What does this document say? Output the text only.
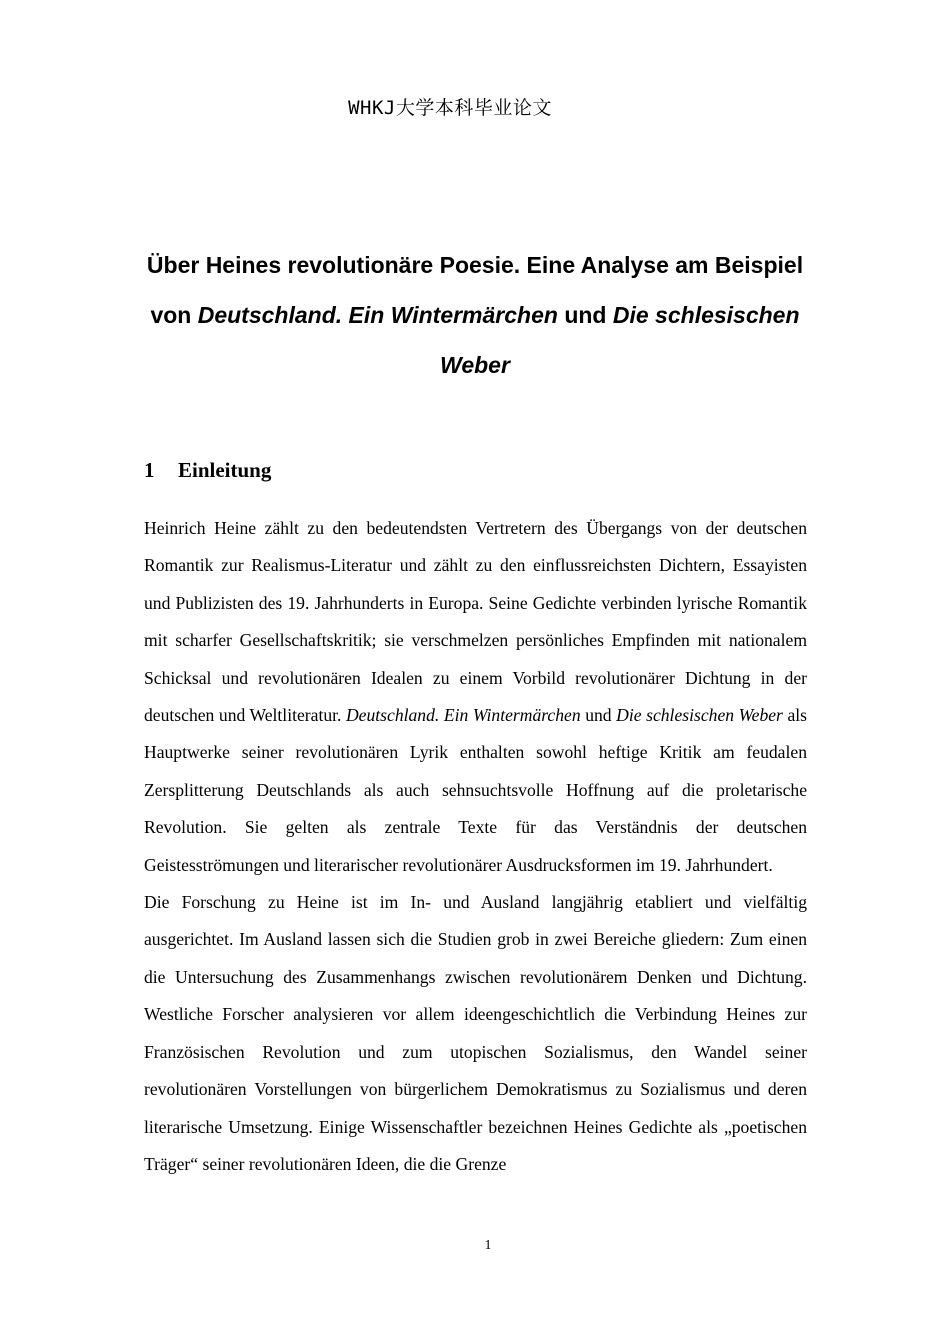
WHKJ大学本科毕业论文
Über Heines revolutionäre Poesie. Eine Analyse am Beispiel von Deutschland. Ein Wintermärchen und Die schlesischen Weber
1 Einleitung

Heinrich Heine zählt zu den bedeutendsten Vertretern des Übergangs von der deutschen Romantik zur Realismus-Literatur und zählt zu den einflussreichsten Dichtern, Essayisten und Publizisten des 19. Jahrhunderts in Europa. Seine Gedichte verbinden lyrische Romantik mit scharfer Gesellschaftskritik; sie verschmelzen persönliches Empfinden mit nationalem Schicksal und revolutionären Idealen zu einem Vorbild revolutionärer Dichtung in der deutschen und Weltliteratur. Deutschland. Ein Wintermärchen und Die schlesischen Weber als Hauptwerke seiner revolutionären Lyrik enthalten sowohl heftige Kritik am feudalen Zersplitterung Deutschlands als auch sehnsuchtsvolle Hoffnung auf die proletarische Revolution. Sie gelten als zentrale Texte für das Verständnis der deutschen Geistesströmungen und literarischer revolutionärer Ausdrucksformen im 19. Jahrhundert.

Die Forschung zu Heine ist im In- und Ausland langjährig etabliert und vielfältig ausgerichtet. Im Ausland lassen sich die Studien grob in zwei Bereiche gliedern: Zum einen die Untersuchung des Zusammenhangs zwischen revolutionärem Denken und Dichtung. Westliche Forscher analysieren vor allem ideengeschichtlich die Verbindung Heines zur Französischen Revolution und zum utopischen Sozialismus, den Wandel seiner revolutionären Vorstellungen von bürgerlichem Demokratismus zu Sozialismus und deren literarische Umsetzung. Einige Wissenschaftler bezeichnen Heines Gedichte als „poetischen Träger“ seiner revolutionären Ideen, die die Grenze

1
